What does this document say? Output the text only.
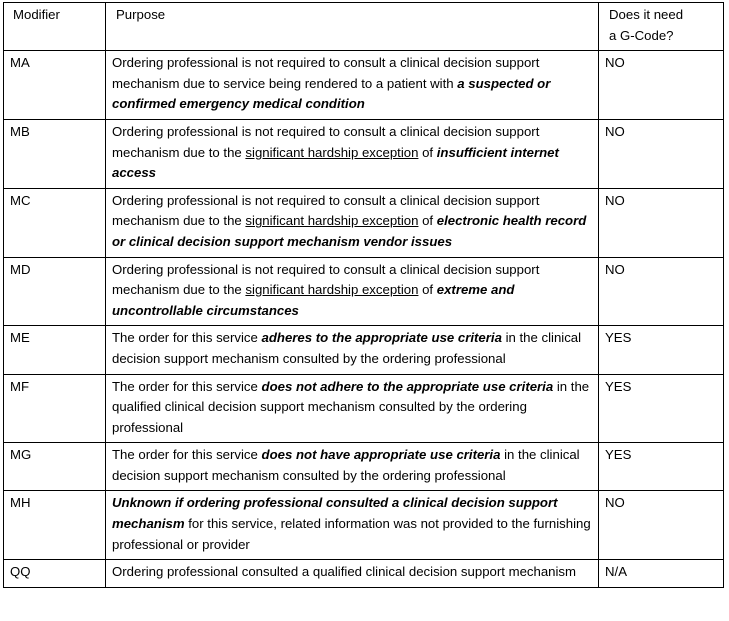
Modifier	Purpose	Does it need
a G-Code?
MA	Ordering professional is not required to consult a clinical decision support mechanism due to service being rendered to a patient with a suspected or confirmed emergency medical condition	NO
MB	Ordering professional is not required to consult a clinical decision support mechanism due to the significant hardship exception of insufficient internet access	NO
MC	Ordering professional is not required to consult a clinical decision support mechanism due to the significant hardship exception of electronic health record or clinical decision support mechanism vendor issues	NO
MD	Ordering professional is not required to consult a clinical decision support mechanism due to the significant hardship exception of extreme and uncontrollable circumstances	NO
ME	The order for this service adheres to the appropriate use criteria in the clinical decision support mechanism consulted by the ordering professional	YES
MF	The order for this service does not adhere to the appropriate use criteria in the qualified clinical decision support mechanism consulted by the ordering professional	YES
MG	The order for this service does not have appropriate use criteria in the clinical decision support mechanism consulted by the ordering professional	YES
MH	Unknown if ordering professional consulted a clinical decision support mechanism for this service, related information was not provided to the furnishing professional or provider	NO
QQ	Ordering professional consulted a qualified clinical decision support mechanism	N/A
